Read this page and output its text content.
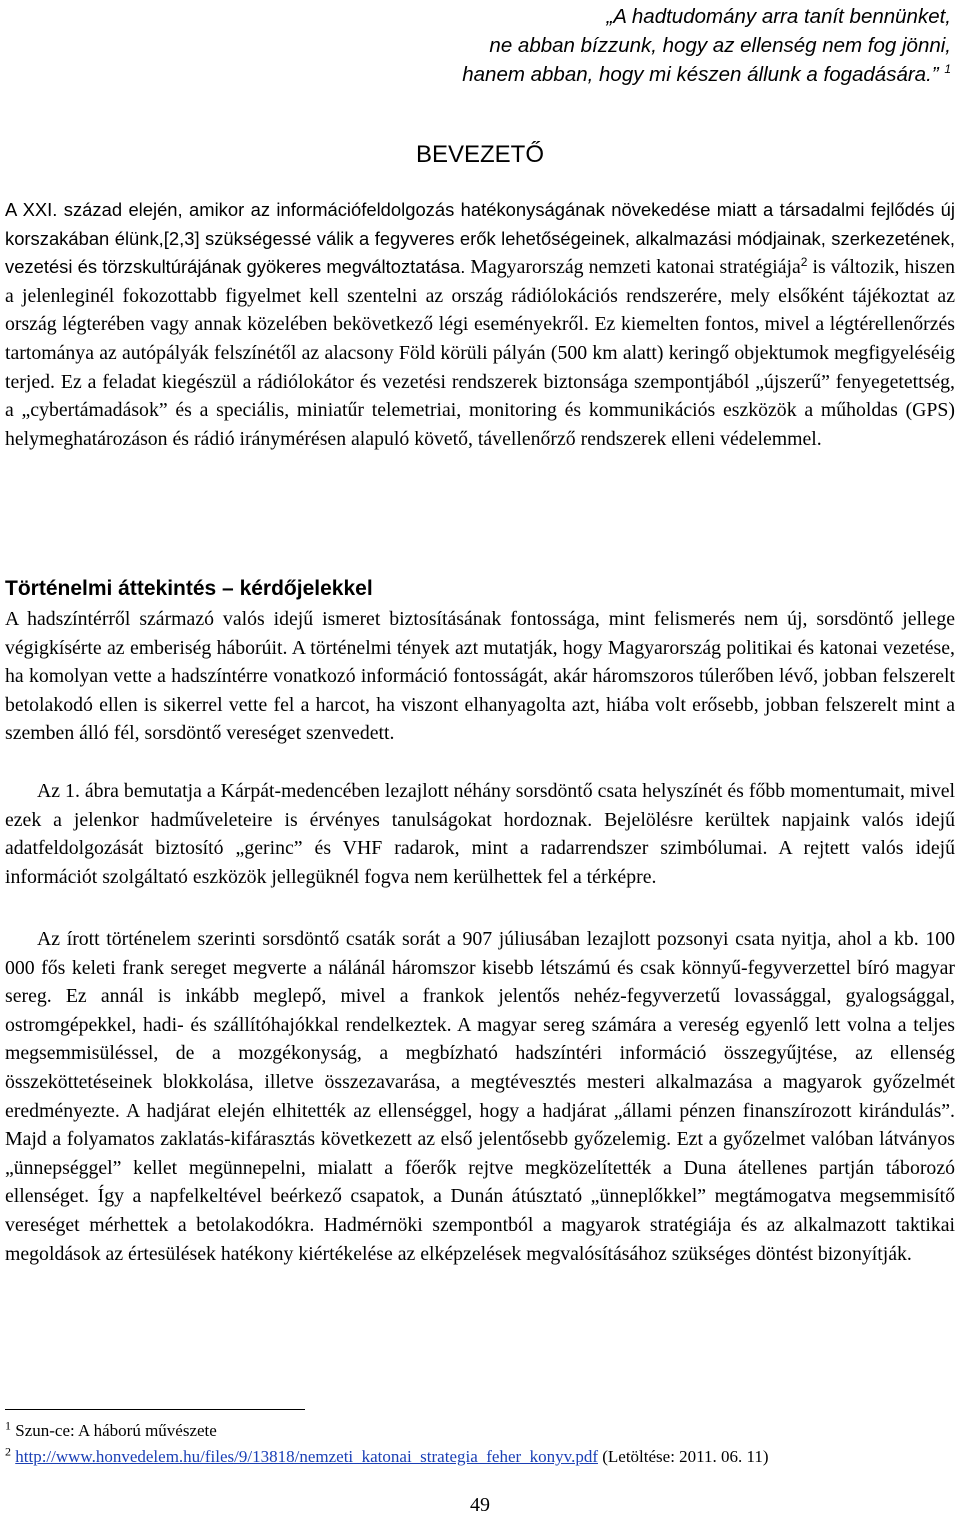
„A hadtudomány arra tanít bennünket,
ne abban bízzunk, hogy az ellenség nem fog jönni,
hanem abban, hogy mi készen állunk a fogadására.” $^1$
BEVEZETŐ
A XXI. század elején, amikor az információfeldolgozás hatékonyságának növekedése miatt a társadalmi fejlődés új korszakában élünk,[2,3] szükségessé válik a fegyveres erők lehetőségeinek, alkalmazási módjainak, szerkezetének, vezetési és törzskultúrájának gyökeres megváltoztatása. Magyarország nemzeti katonai stratégiája$^2$ is változik, hiszen a jelenleginél fokozottabb figyelmet kell szentelni az ország rádiólokációs rendszerére, mely elsőként tájékoztat az ország légterében vagy annak közelében bekövetkező légi eseményekről. Ez kiemelten fontos, mivel a légtérellenőrzés tartománya az autópályák felszínétől az alacsony Föld körüli pályán (500 km alatt) keringő objektumok megfigyeléséig terjed. Ez a feladat kiegészül a rádiólokátor és vezetési rendszerek biztonsága szempontjából „újszerű” fenyegetettség, a „cybertámadások” és a speciális, miniatűr telemetriai, monitoring és kommunikációs eszközök a műholdas (GPS) helymeghatározáson és rádió iránymérésen alapuló követő, távellenőrző rendszerek elleni védelemmel.
Történelmi áttekintés – kérdőjelekkel
A hadszíntérről származó valós idejű ismeret biztosításának fontossága, mint felismerés nem új, sorsdöntő jellege végigkísérte az emberiség háborúit. A történelmi tények azt mutatják, hogy Magyarország politikai és katonai vezetése, ha komolyan vette a hadszíntérre vonatkozó információ fontosságát, akár háromszoros túlerőben lévő, jobban felszerelt betolakodó ellen is sikerrel vette fel a harcot, ha viszont elhanyagolta azt, hiába volt erősebb, jobban felszerelt mint a szemben álló fél, sorsdöntő vereséget szenvedett.
Az 1. ábra bemutatja a Kárpát-medencében lezajlott néhány sorsdöntő csata helyszínét és főbb momentumait, mivel ezek a jelenkor hadműveleteire is érvényes tanulságokat hordoznak. Bejelölésre kerültek napjaink valós idejű adatfeldolgozását biztosító „gerinc” és VHF radarok, mint a radarrendszer szimbólumai. A rejtett valós idejű információt szolgáltató eszközök jellegüknél fogva nem kerülhettek fel a térképre.
Az írott történelem szerinti sorsdöntő csaták sorát a 907 júliusában lezajlott pozsonyi csata nyitja, ahol a kb. 100 000 fős keleti frank sereget megverte a nálánál háromszor kisebb létszámú és csak könnyű-fegyverzettel bíró magyar sereg. Ez annál is inkább meglepő, mivel a frankok jelentős nehéz-fegyverzetű lovassággal, gyalogsággal, ostromgépekkel, hadi- és szállítóhajókkal rendelkeztek. A magyar sereg számára a vereség egyenlő lett volna a teljes megsemmisüléssel, de a mozgékonyság, a megbízható hadszíntéri információ összegyűjtése, az ellenség összeköttetéseinek blokkolása, illetve összezavarása, a megtévesztés mesteri alkalmazása a magyarok győzelmét eredményezte. A hadjárat elején elhitették az ellenséggel, hogy a hadjárat „állami pénzen finanszírozott kirándulás”. Majd a folyamatos zaklatás-kifárasztás következett az első jelentősebb győzelemig. Ezt a győzelmet valóban látványos „ünnepséggel” kellet megünnepelni, mialatt a főerők rejtve megközelítették a Duna átellenes partján táborozó ellenséget. Így a napfelkeltével beérkező csapatok, a Dunán átúsztató „ünneplőkkel” megtámogatva megsemmisítő vereséget mérhettek a betolakodókra. Hadmérnöki szempontból a magyarok stratégiája és az alkalmazott taktikai megoldások az értesülések hatékony kiértékelése az elképzelések megvalósításához szükséges döntést bizonyítják.
$^1$ Szun-ce: A háború művészete
$^2$ http://www.honvedelem.hu/files/9/13818/nemzeti_katonai_strategia_feher_konyv.pdf (Letöltése: 2011. 06. 11)
49
